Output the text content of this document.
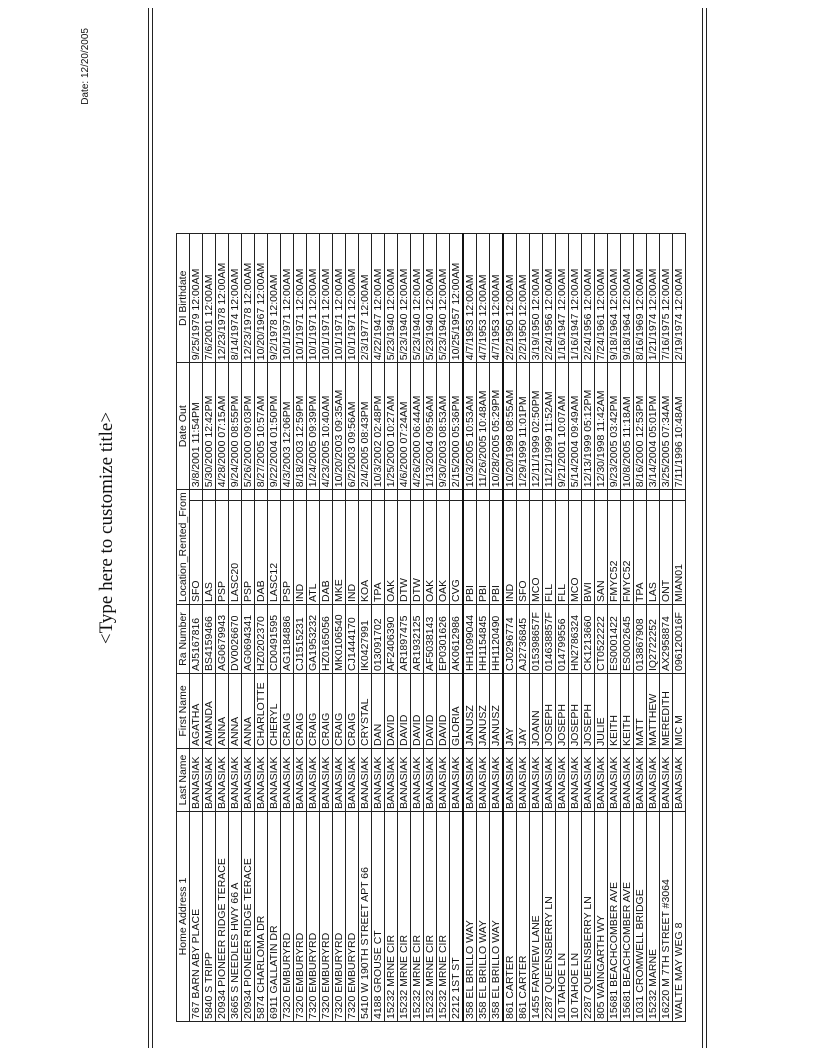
Date: 12/20/2005
<Type here to customize title>
Home Address 1	Last Name	First Name	Ra Number	Location_Rented_From		Date Out	DI Birthdate
767 BARN ABY PLACE	BANASIAK	AGATHA	AJ5167816	SFO		3/8/2001 11:54PM	9/25/1979 12:00AM
5840 S TRIPP	BANASIAK	AMANDA	BS4159466	LAS		5/30/2000 12:42PM	7/6/2001 12:00AM
20934 PIONEER RIDGE TERACE	BANASIAK	ANNA	AG0679943	PSP		4/28/2000 07:15AM	12/23/1978 12:00AM
3665 S NEEDLES HWY 66 A	BANASIAK	ANNA	DV0026670	LASC20		9/24/2000 08:55PM	8/14/1974 12:00AM
20934 PIONEER RIDGE TERACE	BANASIAK	ANNA	AG0694341	PSP		5/26/2000 09:03PM	12/23/1978 12:00AM
5874 CHARLOMA DR	BANASIAK	CHARLOTTE	HZ0202370	DAB		8/27/2005 10:57AM	10/20/1967 12:00AM
6911 GALLATIN DR	BANASIAK	CHERYL	CD0491595	LASC12		9/22/2004 01:50PM	9/2/1978 12:00AM
7320 EMBURYRD	BANASIAK	CRAIG	AG1184886	PSP		4/3/2003 12:06PM	10/1/1971 12:00AM
7320 EMBURYRD	BANASIAK	CRAIG	CJ1515231	IND		8/18/2003 12:59PM	10/1/1971 12:00AM
7320 EMBURYRD	BANASIAK	CRAIG	GA1953232	ATL		1/24/2005 09:39PM	10/1/1971 12:00AM
7320 EMBURYRD	BANASIAK	CRAIG	HZ0165056	DAB		4/23/2005 10:40AM	10/1/1971 12:00AM
7320 EMBURYRD	BANASIAK	CRAIG	MK0106540	MKE		10/20/2003 09:35AM	10/1/1971 12:00AM
7320 EMBURYRD	BANASIAK	CRAIG	CJ1444170	IND		6/2/2003 09:56AM	10/1/1971 12:00AM
5410 W 190TH STREET APT 66	BANASIAK	CRYSTAL	IK0427991	KOA		2/4/2005 08:43PM	2/3/1977 12:00AM
4188 GROUSE CT	BANASIAK	DAN	013091702	TPA		10/3/2002 02:48PM	4/22/1947 12:00AM
15232 MRNE CIR	BANASIAK	DAVID	AF2406390	OAK		1/25/2000 10:27AM	5/23/1940 12:00AM
15232 MRNE CIR	BANASIAK	DAVID	AR1897475	DTW		4/6/2000 07:24AM	5/23/1940 12:00AM
15232 MRNE CIR	BANASIAK	DAVID	AR1932125	DTW		4/26/2000 06:44AM	5/23/1940 12:00AM
15232 MRNE CIR	BANASIAK	DAVID	AF5038143	OAK		1/13/2004 09:56AM	5/23/1940 12:00AM
15232 MRNE CIR	BANASIAK	DAVID	EP0301626	OAK		9/30/2003 08:53AM	5/23/1940 12:00AM
2212 1ST ST	BANASIAK	GLORIA	AK0612986	CVG		2/15/2000 05:36PM	10/25/1957 12:00AM
358 EL BRILLO WAY	BANASIAK	JANUSZ	HH1099044	PBI		10/3/2005 10:53AM	4/7/1953 12:00AM
358 EL BRILLO WAY	BANASIAK	JANUSZ	HH1154845	PBI		11/26/2005 10:48AM	4/7/1953 12:00AM
358 EL BRILLO WAY	BANASIAK	JANUSZ	HH1120490	PBI		10/28/2005 05:29PM	4/7/1953 12:00AM
861 CARTER	BANASIAK	JAY	CJ0296774	IND		10/20/1998 08:55AM	2/2/1950 12:00AM
861 CARTER	BANASIAK	JAY	AJ2736845	SFO		1/29/1999 11:01PM	2/2/1950 12:00AM
1455 FARVIEW LANE	BANASIAK	JOANN	015398657F	MCO		12/11/1999 02:50PM	3/19/1950 12:00AM
2287 QUEENSBERRY LN	BANASIAK	JOSEPH	014638857F	FLL		11/21/1999 11:52AM	2/24/1956 12:00AM
10 TAHOE LN	BANASIAK	JOSEPH	014799556	FLL		9/21/2001 10:07AM	1/16/1947 12:00AM
10 TAHOE LN	BANASIAK	JOSEPH	HN2786324	MCO		5/14/2004 09:49AM	1/16/1947 12:00AM
2287 QUEENSBERRY LN	BANASIAK	JOSEPH	CK1213660	BWI		12/13/1999 05:12PM	2/24/1956 12:00AM
805 WAINGARTH WY	BANASIAK	JULIE	CT0522222	SAN		12/30/1998 11:42AM	7/24/1961 12:00AM
15681 BEACHCOMBER AVE	BANASIAK	KEITH	ES0001422	FMYC52		9/23/2005 03:42PM	9/18/1964 12:00AM
15681 BEACHCOMBER AVE	BANASIAK	KEITH	ES0002645	FMYC52		10/8/2005 11:18AM	9/18/1964 12:00AM
1031 CROMWELL BRIDGE	BANASIAK	MATT	013867908	TPA		8/16/2000 12:53PM	8/16/1969 12:00AM
15232 MARNE	BANASIAK	MATTHEW	IQ2722252	LAS		3/14/2004 05:01PM	1/21/1974 12:00AM
16220 M 7TH STREET #3064	BANASIAK	MEREDITH	AX2958874	ONT		3/25/2005 07:34AM	7/16/1975 12:00AM
WALTE MAY WEG 8	BANASIAK	MIC M	096120016F	MIAN01		7/11/1996 10:48AM	2/19/1974 12:00AM
